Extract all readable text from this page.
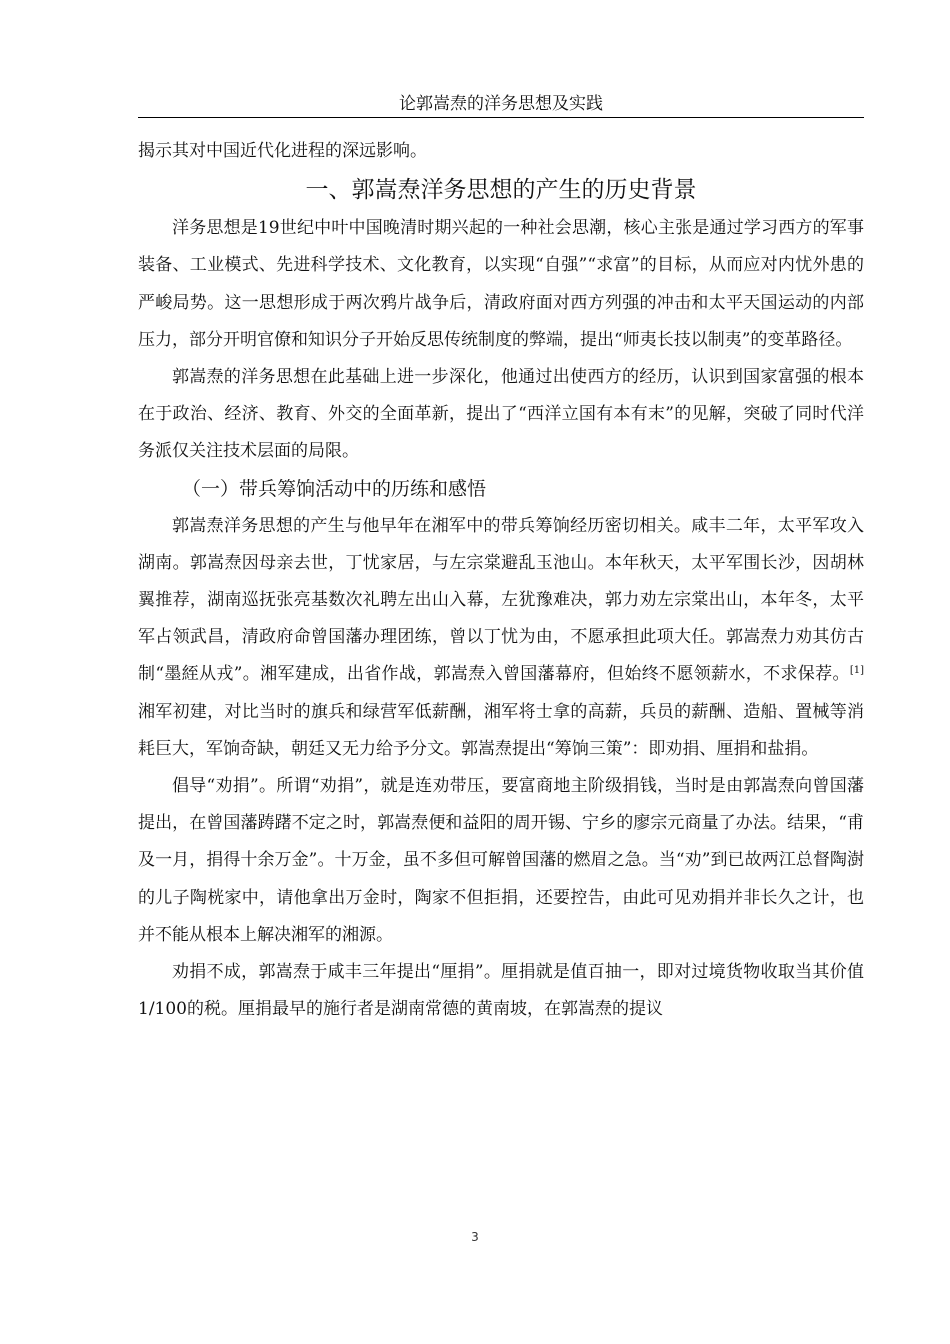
论郭嵩焘的洋务思想及实践

揭示其对中国近代化进程的深远影响。

一、郭嵩焘洋务思想的产生的历史背景

洋务思想是19世纪中叶中国晚清时期兴起的一种社会思潮，核心主张是通过学习西方的军事装备、工业模式、先进科学技术、文化教育，以实现“自强”“求富”的目标，从而应对内忧外患的严峻局势。这一思想形成于两次鸦片战争后，清政府面对西方列强的冲击和太平天国运动的内部压力，部分开明官僚和知识分子开始反思传统制度的弊端，提出“师夷长技以制夷”的变革路径。

郭嵩焘的洋务思想在此基础上进一步深化，他通过出使西方的经历，认识到国家富强的根本在于政治、经济、教育、外交的全面革新，提出了“西洋立国有本有末”的见解，突破了同时代洋务派仅关注技术层面的局限。

（一）带兵筹饷活动中的历练和感悟

郭嵩焘洋务思想的产生与他早年在湘军中的带兵筹饷经历密切相关。咸丰二年，太平军攻入湖南。郭嵩焘因母亲去世，丁忧家居，与左宗棠避乱玉池山。本年秋天，太平军围长沙，因胡林翼推荐，湖南巡抚张亮基数次礼聘左出山入幕，左犹豫难决，郭力劝左宗棠出山，本年冬，太平军占领武昌，清政府命曾国藩办理团练，曾以丁忧为由，不愿承担此项大任。郭嵩焘力劝其仿古制“墨絰从戎”。湘军建成，出省作战，郭嵩焘入曾国藩幕府，但始终不愿领薪水，不求保荐。[1]湘军初建，对比当时的旗兵和绿营军低薪酬，湘军将士拿的高薪，兵员的薪酬、造船、置械等消耗巨大，军饷奇缺，朝廷又无力给予分文。郭嵩焘提出“筹饷三策”：即劝捐、厘捐和盐捐。

倡导“劝捐”。所谓“劝捐”，就是连劝带压，要富商地主阶级捐钱，当时是由郭嵩焘向曾国藩提出，在曾国藩踌躇不定之时，郭嵩焘便和益阳的周开锡、宁乡的廖宗元商量了办法。结果，“甫及一月，捐得十余万金”。十万金，虽不多但可解曾国藩的燃眉之急。当“劝”到已故两江总督陶澍的儿子陶桄家中，请他拿出万金时，陶家不但拒捐，还要控告，由此可见劝捐并非长久之计，也并不能从根本上解决湘军的湘源。

劝捐不成，郭嵩焘于咸丰三年提出“厘捐”。厘捐就是值百抽一，即对过境货物收取当其价值1/100的税。厘捐最早的施行者是湖南常德的黄南坡，在郭嵩焘的提议

3
